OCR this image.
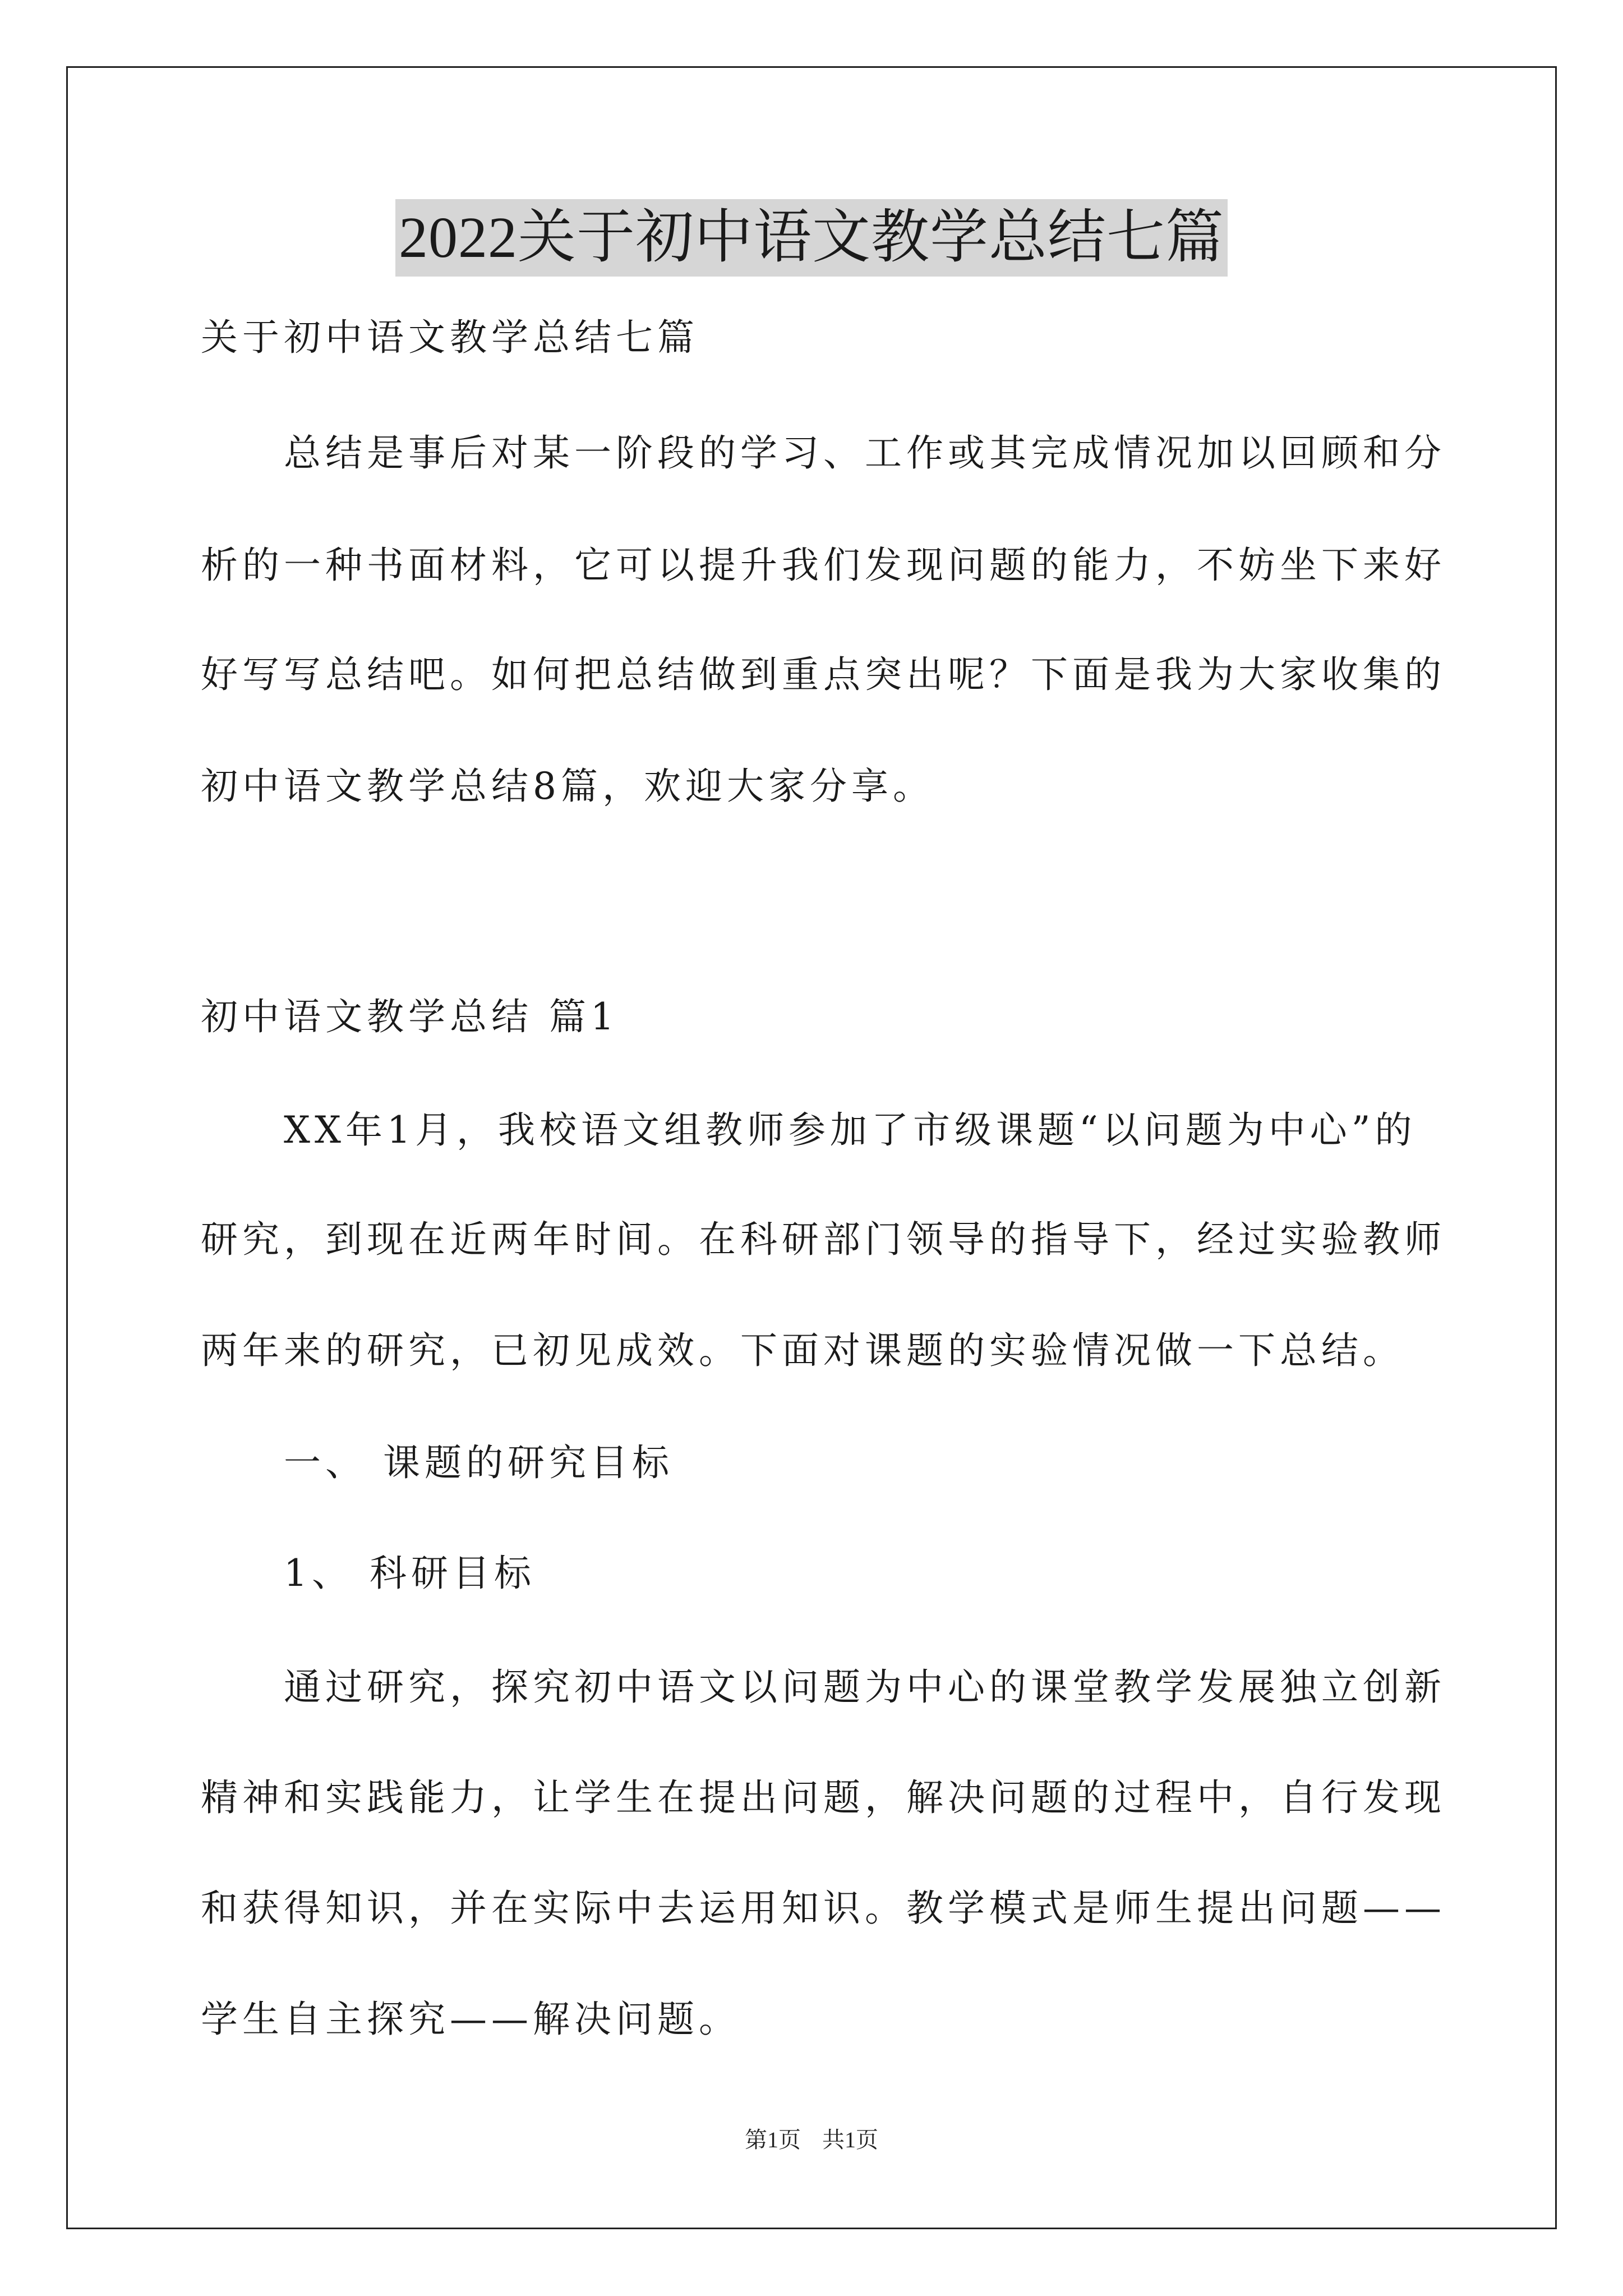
2022关于初中语文教学总结七篇

关于初中语文教学总结七篇

　　总结是事后对某一阶段的学习、工作或其完成情况加以回顾和分

析的一种书面材料，它可以提升我们发现问题的能力，不妨坐下来好

好写写总结吧。如何把总结做到重点突出呢？下面是我为大家收集的

初中语文教学总结8篇，欢迎大家分享。

初中语文教学总结 篇1

　　XX年1月，我校语文组教师参加了市级课题“以问题为中心”的

研究，到现在近两年时间。在科研部门领导的指导下，经过实验教师

两年来的研究，已初见成效。下面对课题的实验情况做一下总结。

　　一、 课题的研究目标

　　1、 科研目标

　　通过研究，探究初中语文以问题为中心的课堂教学发展独立创新

精神和实践能力，让学生在提出问题，解决问题的过程中，自行发现

和获得知识，并在实际中去运用知识。教学模式是师生提出问题——

学生自主探究——解决问题。

第1页 共1页
